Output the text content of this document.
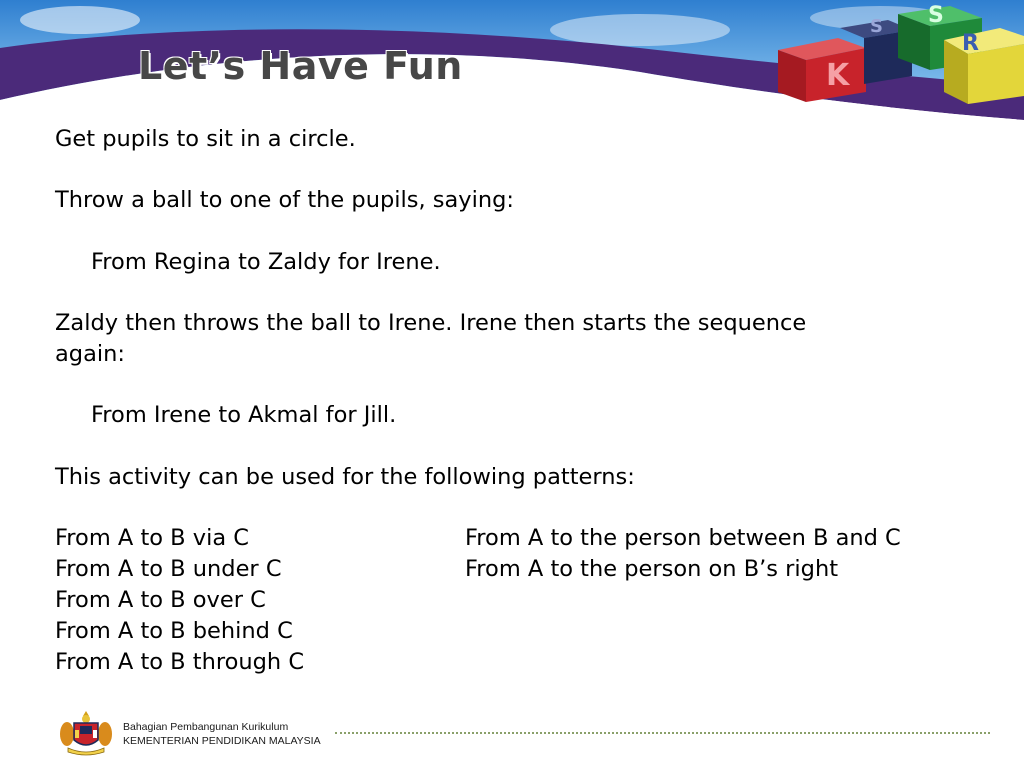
K
S S
R
Let’s Have Fun

Get pupils to sit in a circle.

Throw a ball to one of the pupils, saying:

From Regina to Zaldy for Irene.

Zaldy then throws the ball to Irene. Irene then starts the sequence

again:

From Irene to Akmal for Jill.

This activity can be used for the following patterns:

From A to B via C

From A to B under C

From A to B over C

From A to B behind C

From A to B through C

From A to the person between B and C

From A to the person on B’s right

Bahagian Pembangunan Kurikulum

KEMENTERIAN PENDIDIKAN MALAYSIA
